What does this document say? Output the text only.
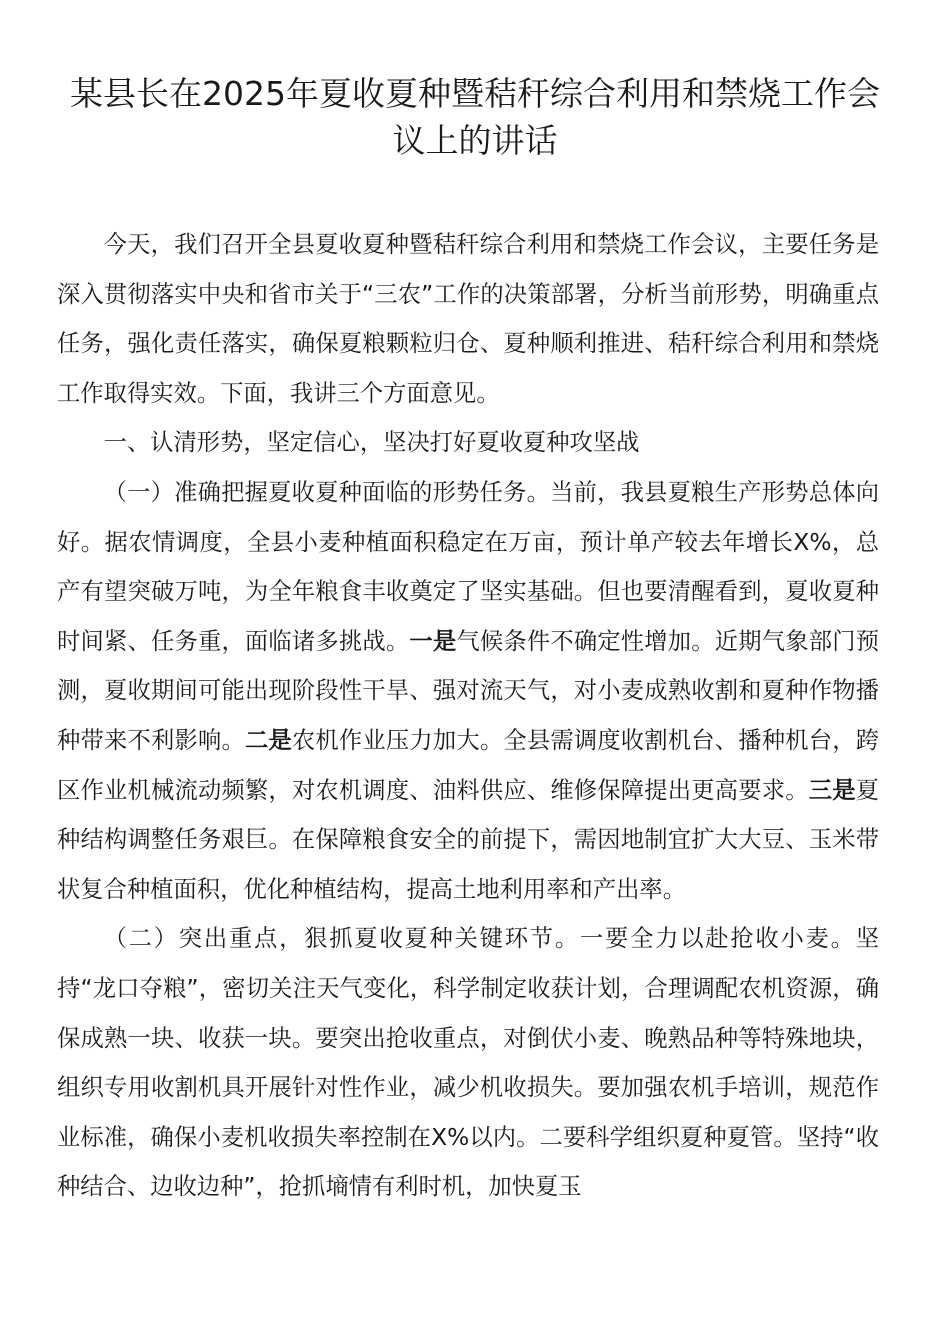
某县长在2025年夏收夏种暨秸秆综合利用和禁烧工作会议上的讲话

今天，我们召开全县夏收夏种暨秸秆综合利用和禁烧工作会议，主要任务是深入贯彻落实中央和省市关于“三农”工作的决策部署，分析当前形势，明确重点任务，强化责任落实，确保夏粮颗粒归仓、夏种顺利推进、秸秆综合利用和禁烧工作取得实效。下面，我讲三个方面意见。

一、认清形势，坚定信心，坚决打好夏收夏种攻坚战

（一）准确把握夏收夏种面临的形势任务。当前，我县夏粮生产形势总体向好。据农情调度，全县小麦种植面积稳定在万亩，预计单产较去年增长X%，总产有望突破万吨，为全年粮食丰收奠定了坚实基础。但也要清醒看到，夏收夏种时间紧、任务重，面临诸多挑战。一是气候条件不确定性增加。近期气象部门预测，夏收期间可能出现阶段性干旱、强对流天气，对小麦成熟收割和夏种作物播种带来不利影响。二是农机作业压力加大。全县需调度收割机台、播种机台，跨区作业机械流动频繁，对农机调度、油料供应、维修保障提出更高要求。三是夏种结构调整任务艰巨。在保障粮食安全的前提下，需因地制宜扩大大豆、玉米带状复合种植面积，优化种植结构，提高土地利用率和产出率。

（二）突出重点，狠抓夏收夏种关键环节。一要全力以赴抢收小麦。坚持“龙口夺粮”，密切关注天气变化，科学制定收获计划，合理调配农机资源，确保成熟一块、收获一块。要突出抢收重点，对倒伏小麦、晚熟品种等特殊地块，组织专用收割机具开展针对性作业，减少机收损失。要加强农机手培训，规范作业标准，确保小麦机收损失率控制在X%以内。二要科学组织夏种夏管。坚持“收种结合、边收边种”，抢抓墒情有利时机，加快夏玉
